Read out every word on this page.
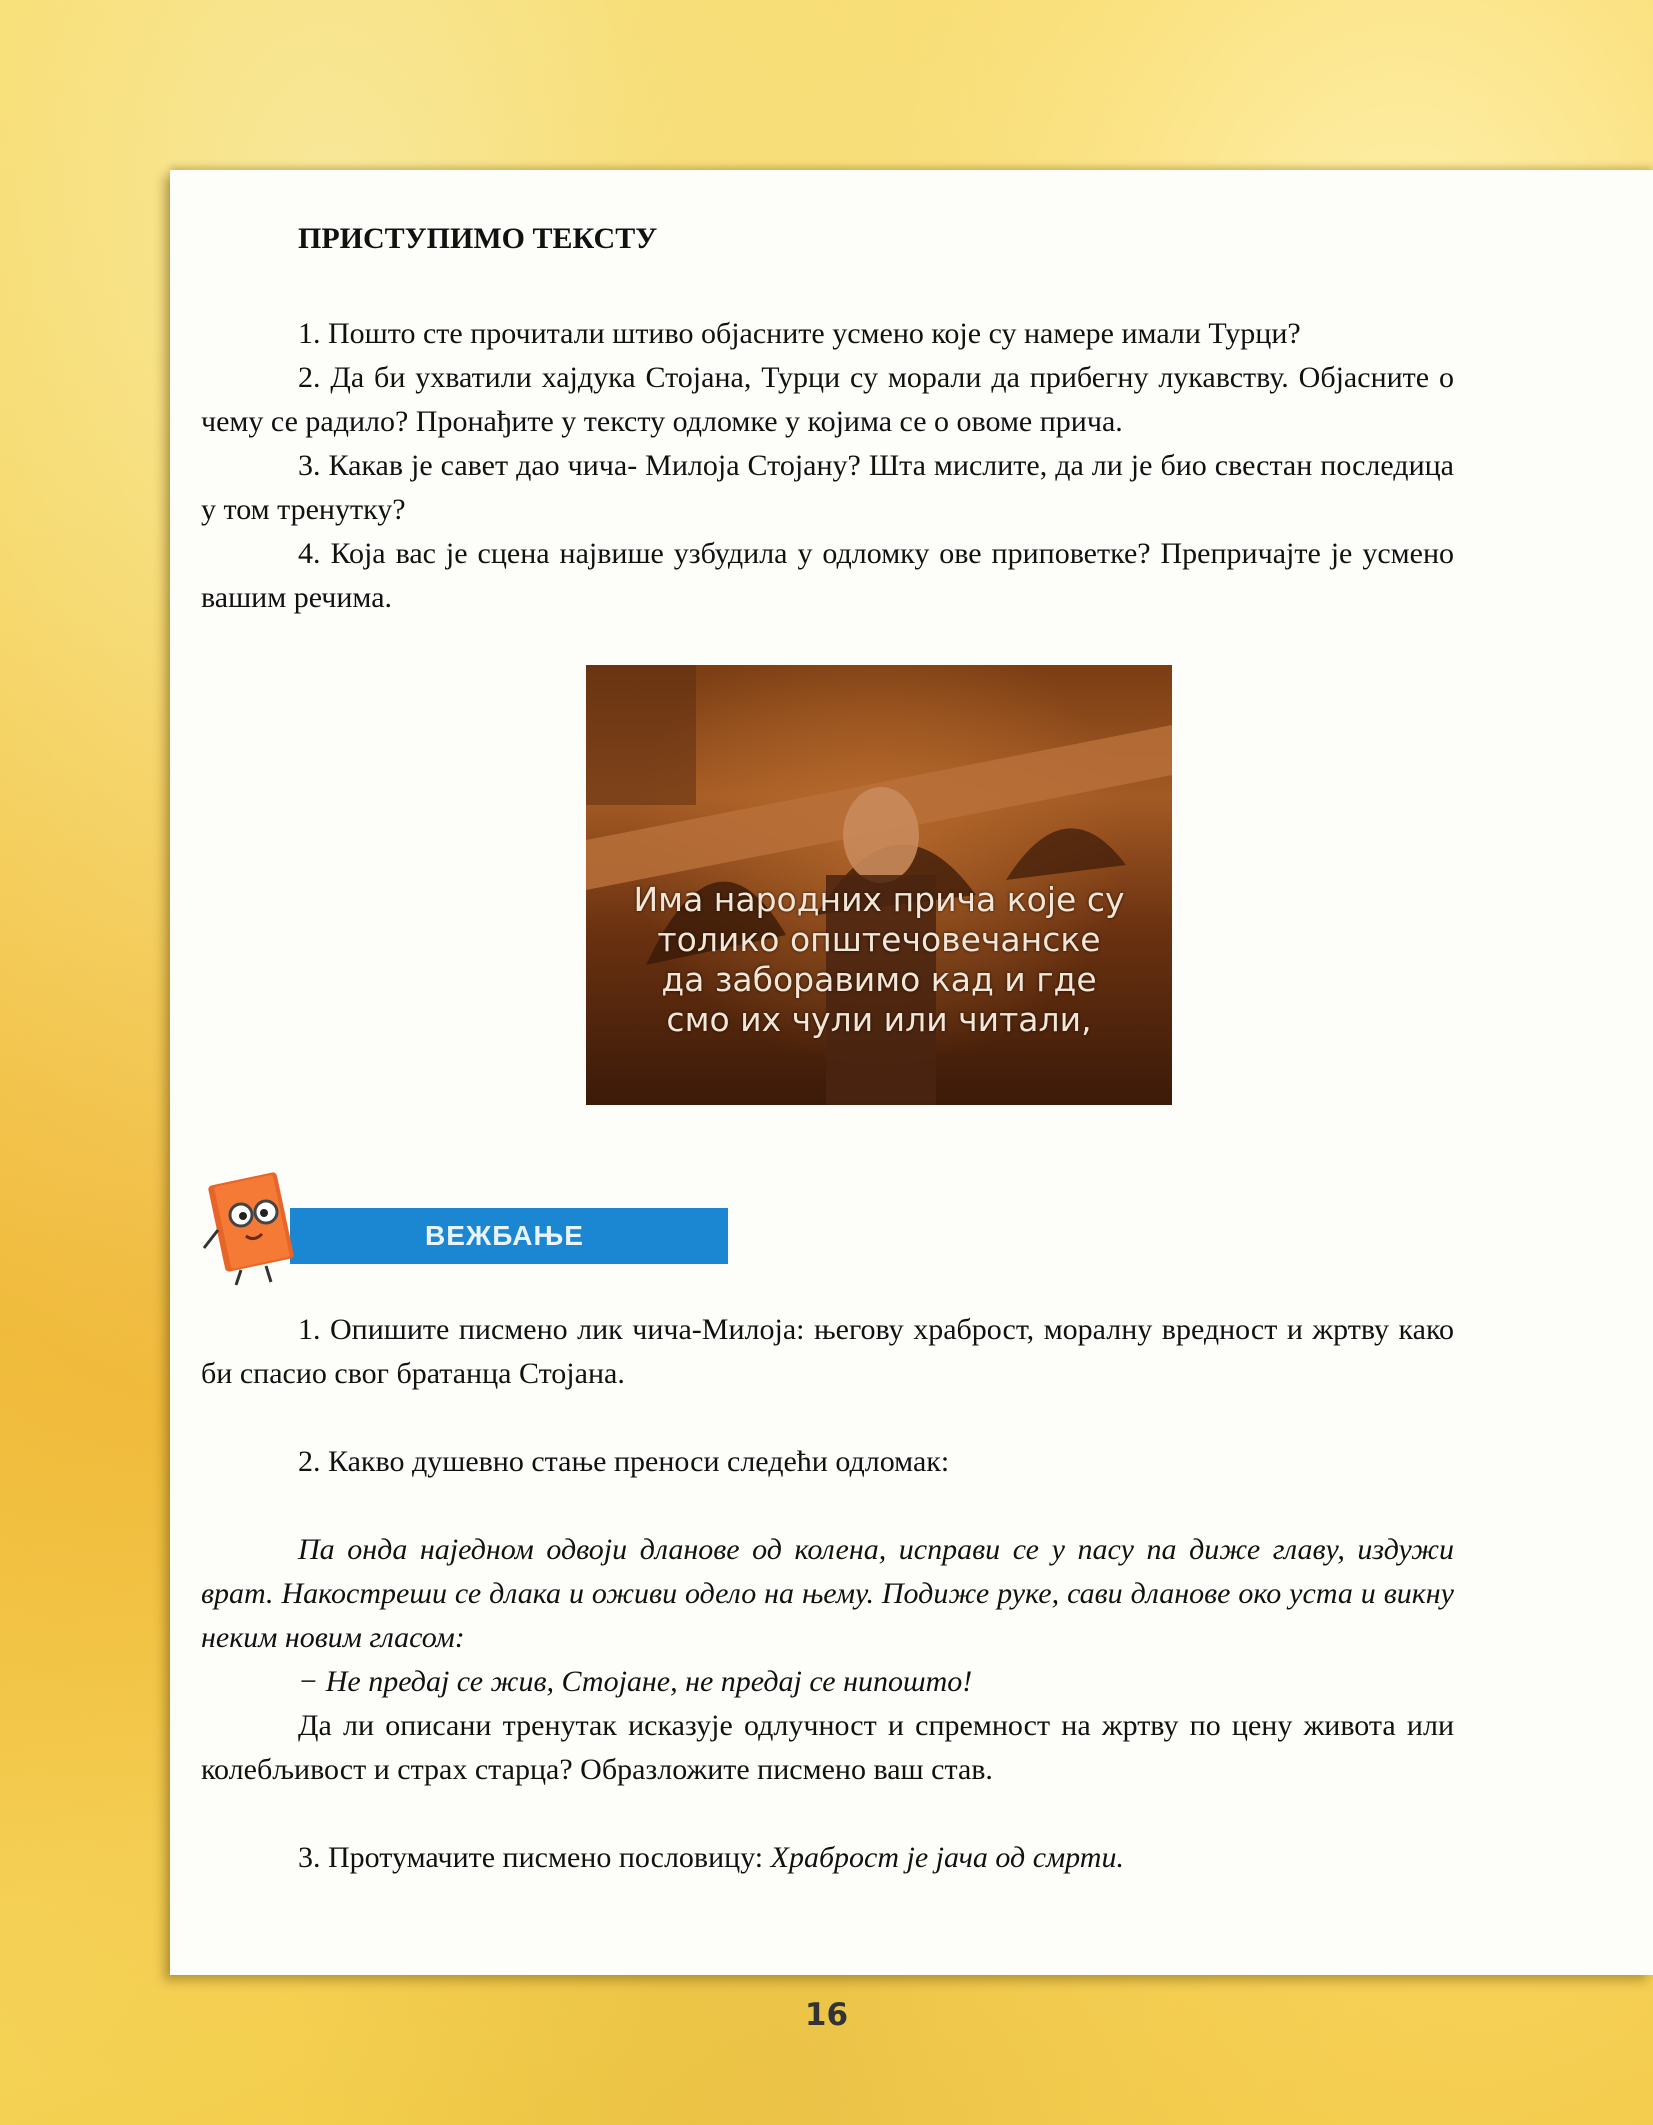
ПРИСТУПИМО ТЕКСТУ

1. Пошто сте прочитали штиво објасните усмено које су намере имали Турци?

2. Да би ухватили хајдука Стојана, Турци су морали да прибегну лукавству. Објасните о чему се радило? Пронађите у тексту одломке у којима се о овоме прича.

3. Какав је савет дао чича- Милоја Стојану? Шта мислите, да ли је био свестан последица у том тренутку?

4. Која вас је сцена највише узбудила у одломку ове приповетке? Препричајте је усмено вашим речима.

Има народних прича које су
толико општечовечанске
да заборавимо кад и где
смо их чули или читали,
ВЕЖБАЊЕ

1. Опишите писмено лик чича-Милоја: његову храброст, моралну вредност и жртву како би спасио свог братанца Стојана.

2. Какво душевно стање преноси следећи одломак:

Па онда наједном одвоји дланове од колена, исправи се у пасу па диже главу, издужи врат. Накостреши се длака и оживи одело на њему. Подиже руке, сави дланове око уста и викну неким новим гласом:

− Не предај се жив, Стојане, не предај се нипошто!

Да ли описани тренутак исказује одлучност и спремност на жртву по цену живота или колебљивост и страх старца? Образложите писмено ваш став.

3. Протумачите писмено пословицу: Храброст је јача од смрти.

16
